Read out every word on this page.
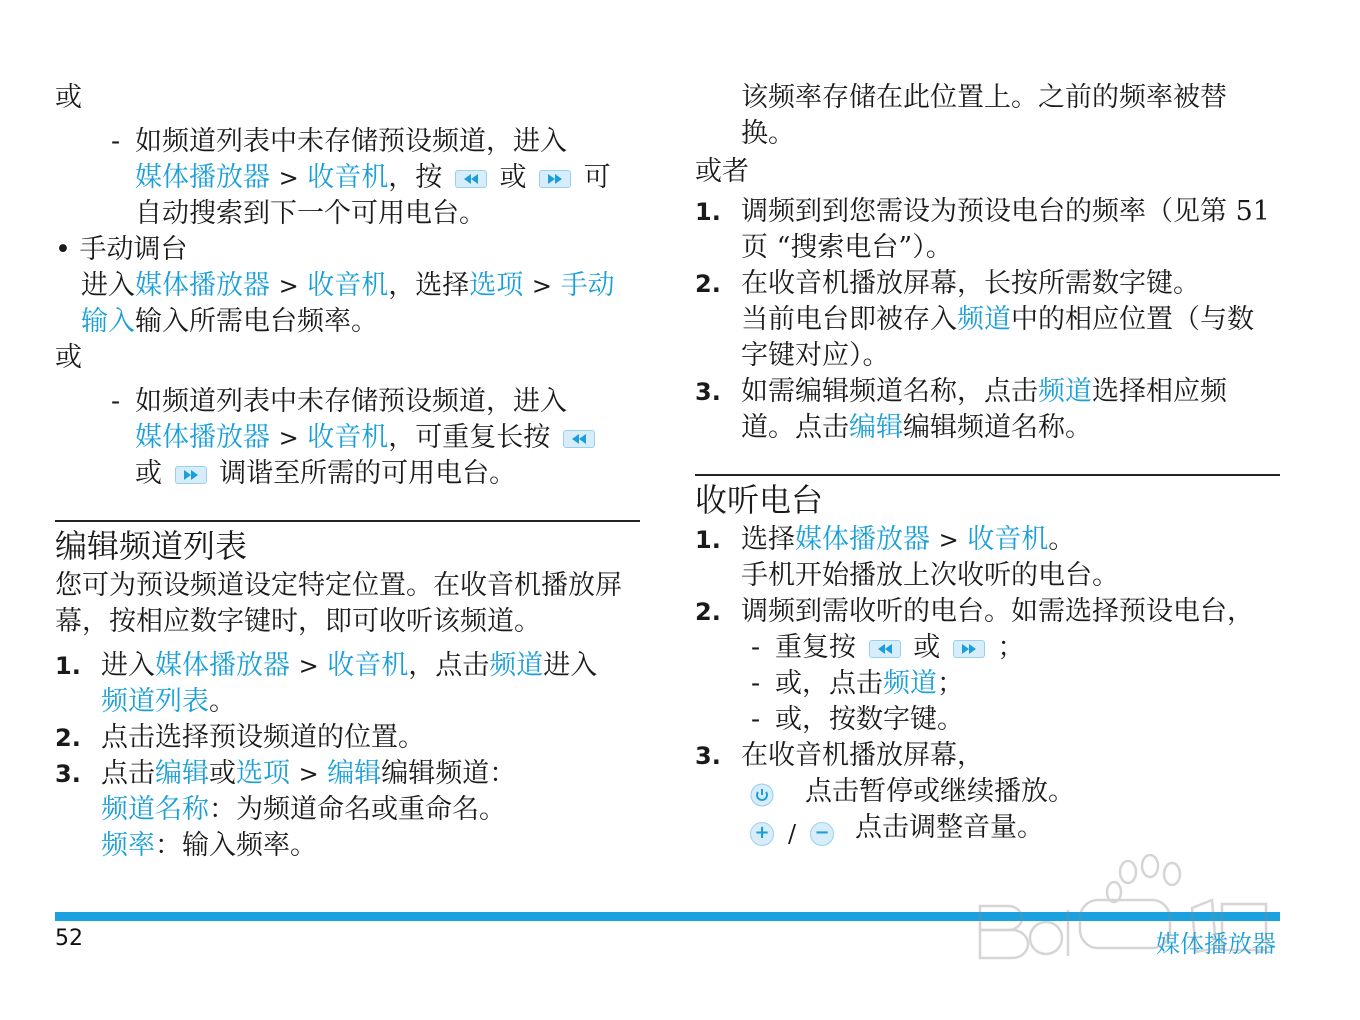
或
- 如频道列表中未存储预设频道，进入
媒体播放器 > 收音机，按 或 可
自动搜索到下一个可用电台。
• 手动调台
进入媒体播放器 > 收音机，选择选项 > 手动输入输入所需电台频率。
或
- 如频道列表中未存储预设频道，进入
媒体播放器 > 收音机，可重复长按

或 调谐至所需的可用电台。
编辑频道列表
您可为预设频道设定特定位置。在收音机播放屏幕，按相应数字键时，即可收听该频道。
1. 进入媒体播放器 > 收音机，点击频道进入
频道列表。
2. 点击选择预设频道的位置。
3. 点击编辑或选项 > 编辑编辑频道：
频道名称：为频道命名或重命名。
频率：输入频率。
该频率存储在此位置上。之前的频率被替换。
或者
1. 调频到到您需设为预设电台的频率（见第 51 页 “搜索电台”）。
2. 在收音机播放屏幕，长按所需数字键。
当前电台即被存入频道中的相应位置（与数字键对应）。
3. 如需编辑频道名称，点击频道选择相应频道。点击编辑编辑频道名称。
收听电台
1. 选择媒体播放器 > 收音机。
手机开始播放上次收听的电台。
2. 调频到需收听的电台。如需选择预设电台，
- 重复按 或 ；
- 或，点击频道；
- 或，按数字键。
3. 在收音机播放屏幕，
点击暂停或继续播放。
+ / − 点击调整音量。
52	媒体播放器
